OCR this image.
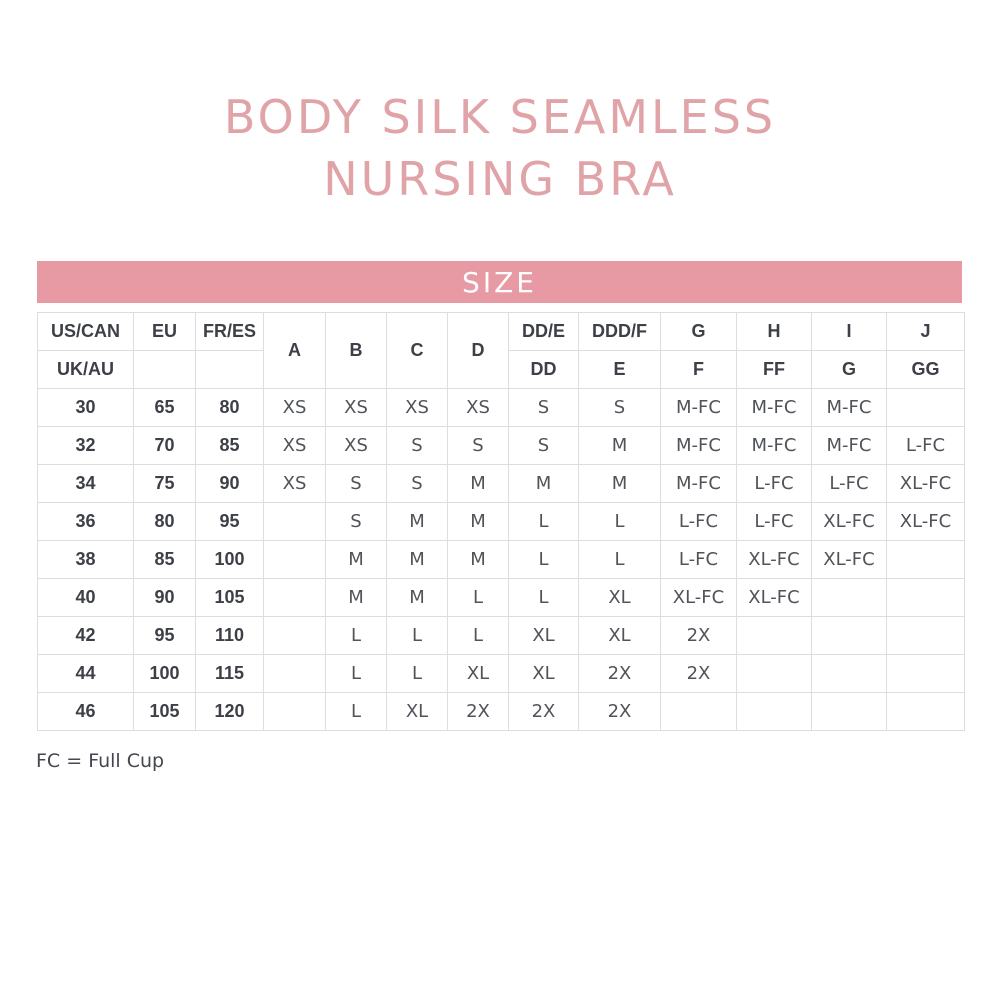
BODY SILK SEAMLESS
NURSING BRA
SIZE
US/CAN	EU	FR/ES	A	B	C	D	DD/E	DDD/F	G	H	I	J
UK/AU							DD	E	F	FF	G	GG
30	65	80	XS	XS	XS	XS	S	S	M-FC	M-FC	M-FC	
32	70	85	XS	XS	S	S	S	M	M-FC	M-FC	M-FC	L-FC
34	75	90	XS	S	S	M	M	M	M-FC	L-FC	L-FC	XL-FC
36	80	95		S	M	M	L	L	L-FC	L-FC	XL-FC	XL-FC
38	85	100		M	M	M	L	L	L-FC	XL-FC	XL-FC	
40	90	105		M	M	L	L	XL	XL-FC	XL-FC		
42	95	110		L	L	L	XL	XL	2X			
44	100	115		L	L	XL	XL	2X	2X			
46	105	120		L	XL	2X	2X	2X				
FC = Full Cup
